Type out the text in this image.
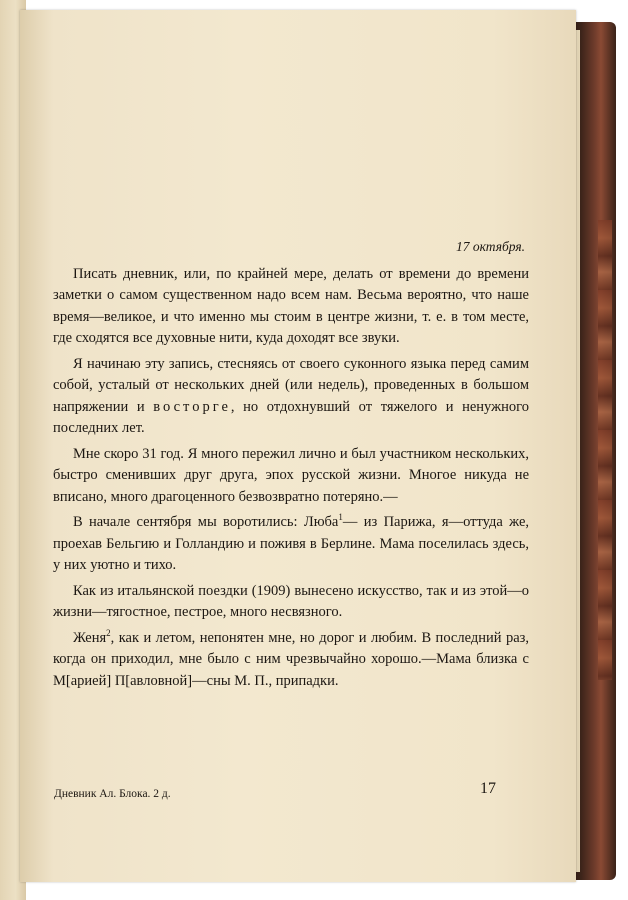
17 октября.

Писать дневник, или, по крайней мере, делать от времени до времени заметки о самом существенном надо всем нам. Весьма вероятно, что наше время—великое, и что именно мы стоим в центре жизни, т. е. в том месте, где сходятся все духовные нити, куда доходят все звуки.

Я начинаю эту запись, стесняясь от своего суконного языка перед самим собой, усталый от нескольких дней (или недель), проведенных в большом напряжении и восторге, но отдохнувший от тяжелого и ненужного последних лет.

Мне скоро 31 год. Я много пережил лично и был участником нескольких, быстро сменивших друг друга, эпох русской жизни. Многое никуда не вписано, много драгоценного безвозвратно потеряно.—

В начале сентября мы воротились: Люба$^1$— из Парижа, я—оттуда же, проехав Бельгию и Голландию и поживя в Берлине. Мама поселилась здесь, у них уютно и тихо.

Как из итальянской поездки (1909) вынесено искусство, так и из этой—о жизни—тягостное, пестрое, много несвязного.

Женя$^2$, как и летом, непонятен мне, но дорог и любим. В последний раз, когда он приходил, мне было с ним чрезвычайно хорошо.—Мама близка с М[арией] П[авловной]—сны М. П., припадки.

Дневник Ал. Блока. 2 д.	17
